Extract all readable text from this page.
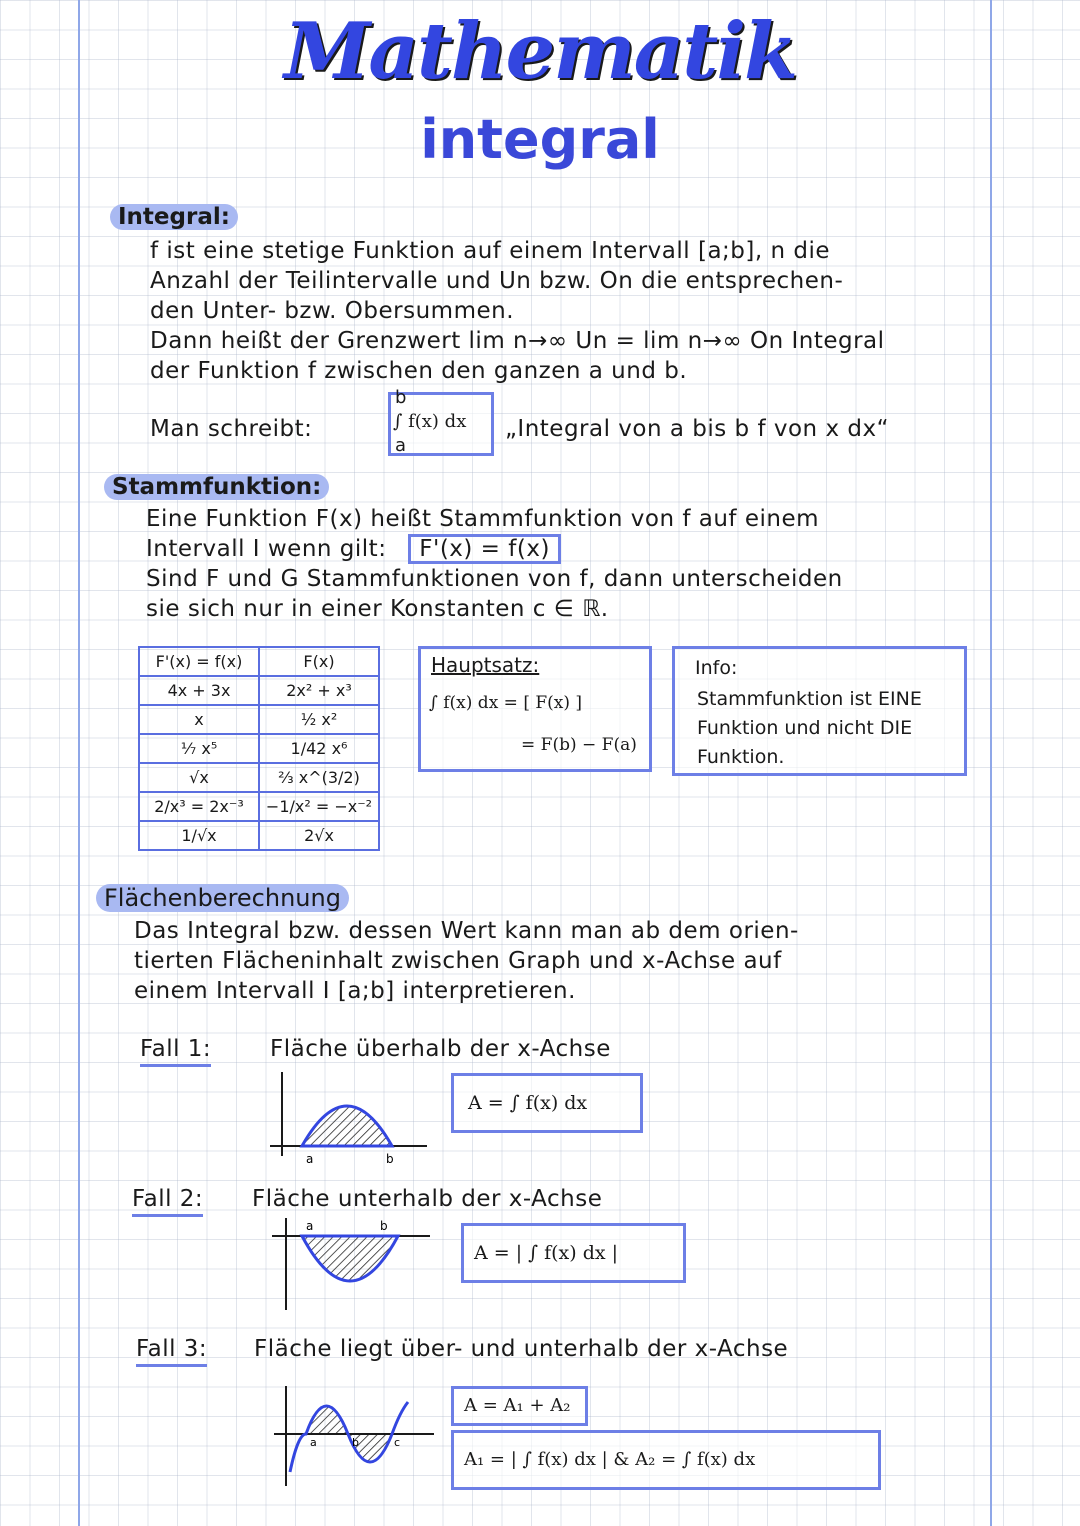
Mathematik
integral
Integral:
f ist eine stetige Funktion auf einem Intervall [a;b], n die
Anzahl der Teilintervalle und Un bzw. On die entsprechen-
den Unter- bzw. Obersummen.
Dann heißt der Grenzwert lim n→∞ Un = lim n→∞ On Integral
der Funktion f zwischen den ganzen a und b.
Man schreibt:
b
∫ f(x) dx
a
„Integral von a bis b f von x dx“
Stammfunktion:
Eine Funktion F(x) heißt Stammfunktion von f auf einem
Intervall I wenn gilt: F'(x) = f(x)
Sind F und G Stammfunktionen von f, dann unterscheiden
sie sich nur in einer Konstanten c ∈ ℝ.
F'(x) = f(x)	F(x)
4x + 3x	2x² + x³
x	½ x²
⅐ x⁵	1/42 x⁶
√x	⅔ x^(3/2)
2/x³ = 2x⁻³	−1/x² = −x⁻²
1/√x	2√x
Hauptsatz:
∫ f(x) dx = [ F(x) ]
= F(b) − F(a)
Info:
Stammfunktion ist EINE
Funktion und nicht DIE
Funktion.
Flächenberechnung
Das Integral bzw. dessen Wert kann man ab dem orien-
tierten Flächeninhalt zwischen Graph und x-Achse auf
einem Intervall I [a;b] interpretieren.
Fall 1:	Fläche überhalb der x-Achse
a	b
A = ∫ f(x) dx
Fall 2: Fläche unterhalb der x-Achse
a	b
A = | ∫ f(x) dx |
Fall 3: Fläche liegt über- und unterhalb der x-Achse
a	b	c
A = A₁ + A₂
A₁ = | ∫ f(x) dx | & A₂ = ∫ f(x) dx
